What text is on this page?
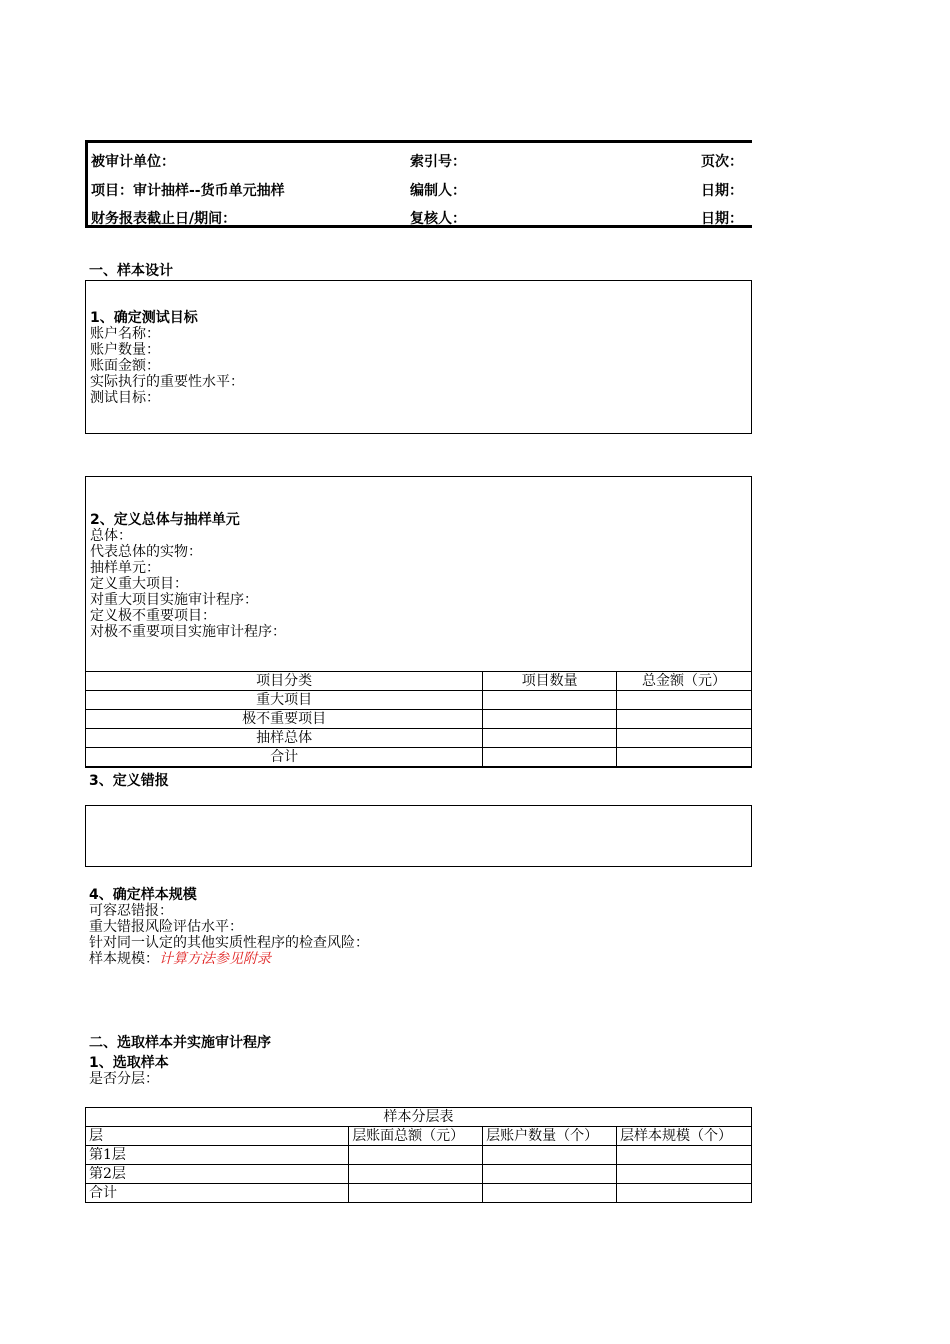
被审计单位：	索引号：	页次：
项目：审计抽样--货币单元抽样	编制人：	日期：
财务报表截止日/期间：	复核人：	日期：
一、样本设计
1、确定测试目标
账户名称：
账户数量：
账面金额：
实际执行的重要性水平：
测试目标：
2、定义总体与抽样单元
总体：
代表总体的实物：
抽样单元：
定义重大项目：
对重大项目实施审计程序：
定义极不重要项目：
对极不重要项目实施审计程序：
项目分类	项目数量	总金额（元）
重大项目		
极不重要项目		
抽样总体		
合计		
3、定义错报
4、确定样本规模
可容忍错报：
重大错报风险评估水平：
针对同一认定的其他实质性程序的检查风险：
样本规模：计算方法参见附录
二、选取样本并实施审计程序
1、选取样本
是否分层：
样本分层表			
层	层账面总额（元）	层账户数量（个）	层样本规模（个）
第1层			
第2层			
合计			
